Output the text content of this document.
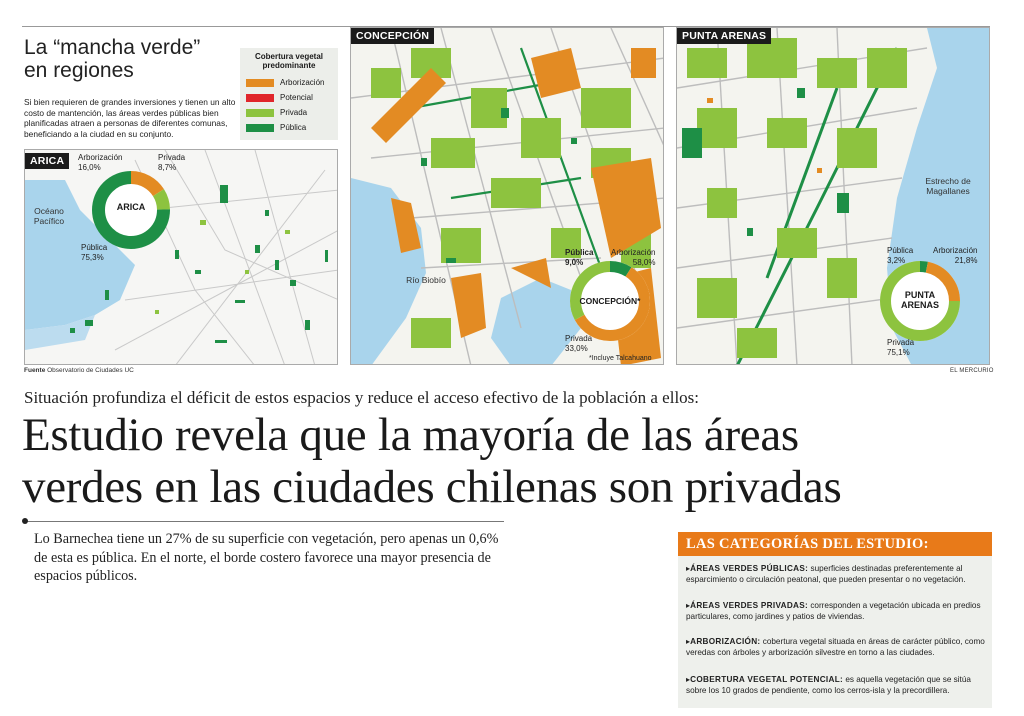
La “mancha verde”
en regiones
Si bien requieren de grandes inversiones y tienen un alto costo de mantención, las áreas verdes públicas bien planificadas atraen a personas de diferentes comunas, beneficiando a la ciudad en su conjunto.
Cobertura vegetal predominante
Arborización
Potencial
Privada
Pública
ARICA
Océano Pacífico
ARICA
Arborización
16,0%
Privada
8,7%
Pública
75,3%
CONCEPCIÓN
Río Biobío
CONCEPCIÓN*
Pública
9,0%
Arborización
58,0%
Privada
33,0%
*Incluye Talcahuano
PUNTA ARENAS
Estrecho de Magallanes
PUNTA
ARENAS
Pública
3,2%
Arborización
21,8%
Privada
75,1%
Fuente Observatorio de Ciudades UC	EL MERCURIO
Situación profundiza el déficit de estos espacios y reduce el acceso efectivo de la población a ellos:
Estudio revela que la mayoría de las áreas
verdes en las ciudades chilenas son privadas
Lo Barnechea tiene un 27% de su superficie con vegetación, pero apenas un 0,6% de esta es pública. En el norte, el borde costero favorece una mayor presencia de espacios públicos.
LAS CATEGORÍAS DEL ESTUDIO:
▸ÁREAS VERDES PÚBLICAS: superficies destinadas preferentemente al esparcimiento o circulación peatonal, que pueden presentar o no vegetación.
▸ÁREAS VERDES PRIVADAS: corresponden a vegetación ubicada en predios particulares, como jardines y patios de viviendas.
▸ARBORIZACIÓN: cobertura vegetal situada en áreas de carácter público, como veredas con árboles y arborización silvestre en torno a las ciudades.
▸COBERTURA VEGETAL POTENCIAL: es aquella vegetación que se sitúa sobre los 10 grados de pendiente, como los cerros-isla y la precordillera.
